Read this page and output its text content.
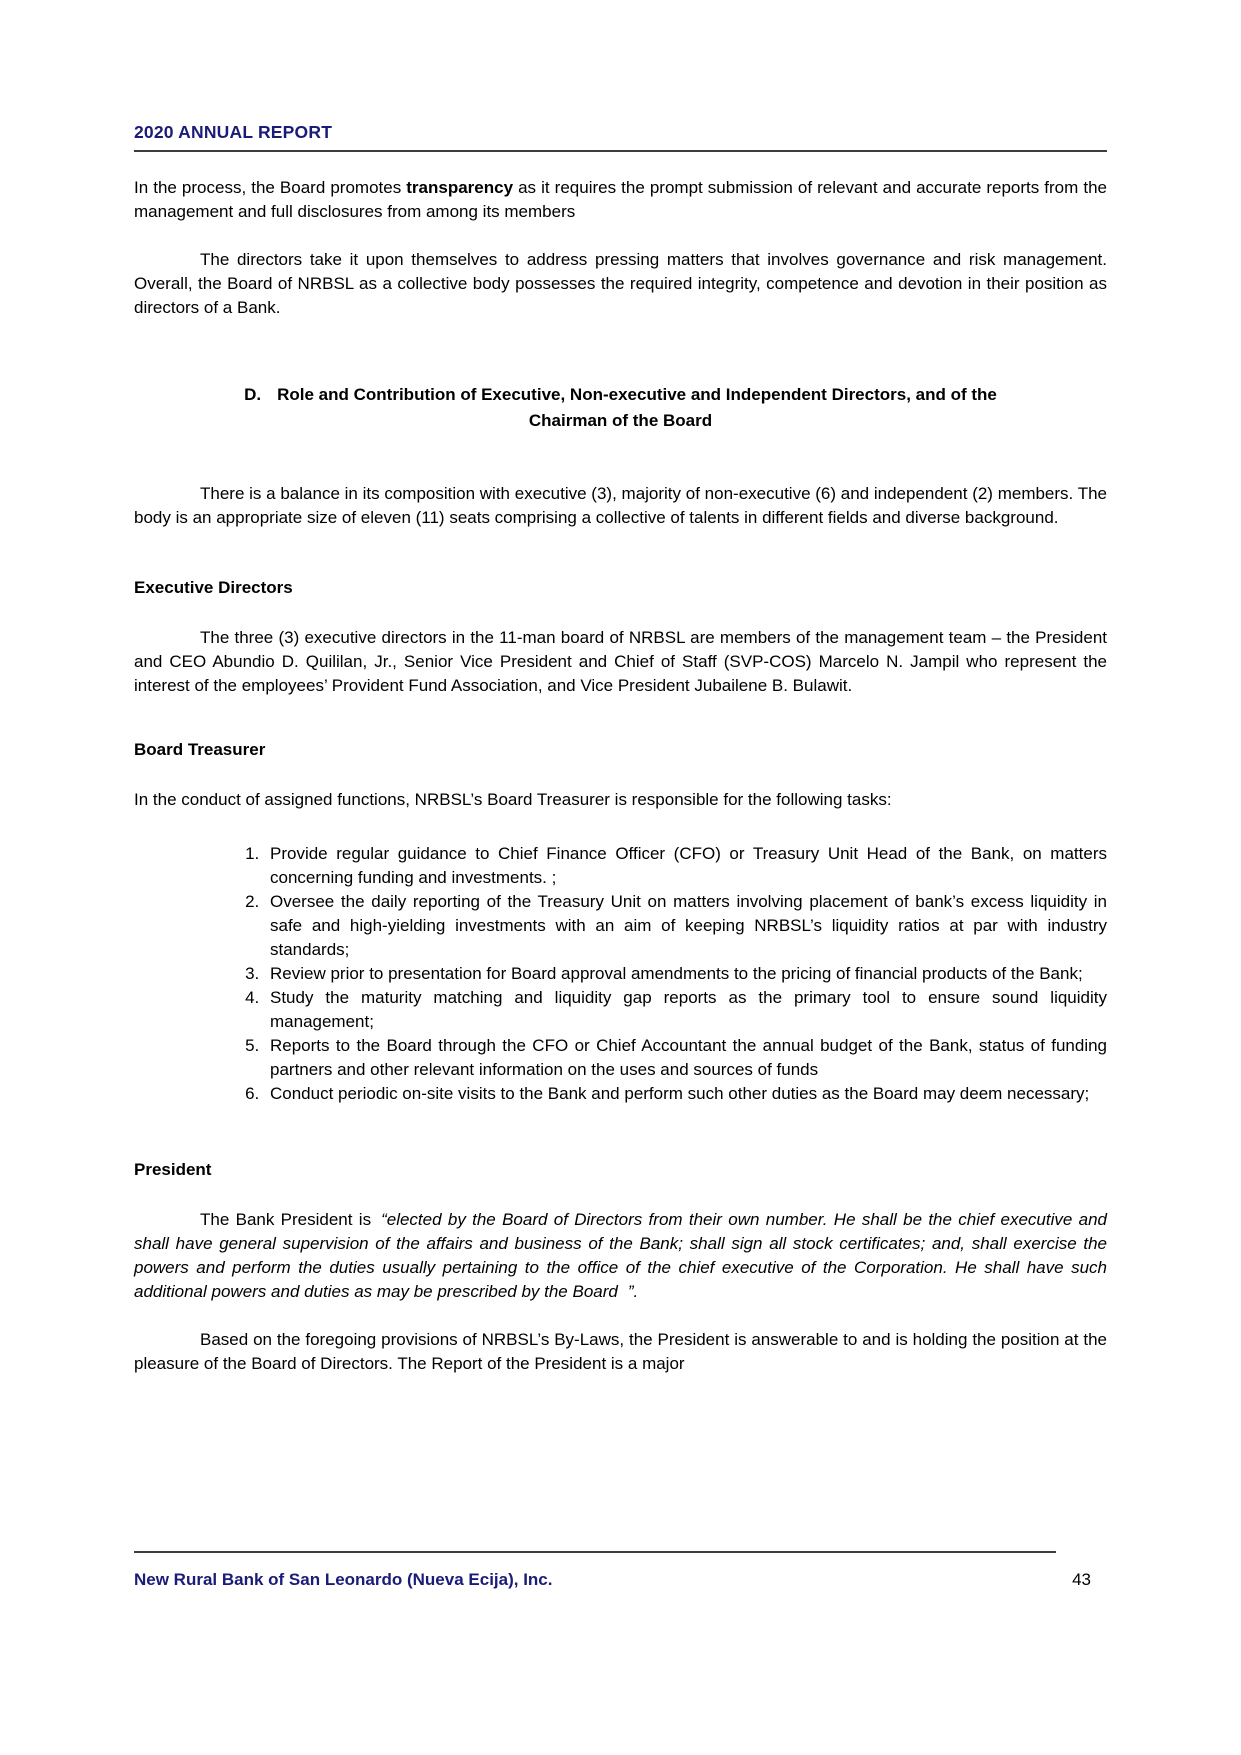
2020 ANNUAL REPORT

In the process, the Board promotes transparency as it requires the prompt submission of relevant and accurate reports from the management and full disclosures from among its members

The directors take it upon themselves to address pressing matters that involves governance and risk management. Overall, the Board of NRBSL as a collective body possesses the required integrity, competence and devotion in their position as directors of a Bank.

D. Role and Contribution of Executive, Non-executive and Independent Directors, and of the
Chairman of the Board

There is a balance in its composition with executive (3), majority of non-executive (6) and independent (2) members. The body is an appropriate size of eleven (11) seats comprising a collective of talents in different fields and diverse background.

Executive Directors

The three (3) executive directors in the 11-man board of NRBSL are members of the management team – the President and CEO Abundio D. Quililan, Jr., Senior Vice President and Chief of Staff (SVP-COS) Marcelo N. Jampil who represent the interest of the employees’ Provident Fund Association, and Vice President Jubailene B. Bulawit.

Board Treasurer

In the conduct of assigned functions, NRBSL’s Board Treasurer is responsible for the following tasks:

1. Provide regular guidance to Chief Finance Officer (CFO) or Treasury Unit Head of the Bank, on matters concerning funding and investments. ;
2. Oversee the daily reporting of the Treasury Unit on matters involving placement of bank’s excess liquidity in safe and high-yielding investments with an aim of keeping NRBSL’s liquidity ratios at par with industry standards;
3. Review prior to presentation for Board approval amendments to the pricing of financial products of the Bank;
4. Study the maturity matching and liquidity gap reports as the primary tool to ensure sound liquidity management;
5. Reports to the Board through the CFO or Chief Accountant the annual budget of the Bank, status of funding partners and other relevant information on the uses and sources of funds
6. Conduct periodic on-site visits to the Bank and perform such other duties as the Board may deem necessary;
President

The Bank President is “elected by the Board of Directors from their own number. He shall be the chief executive and shall have general supervision of the affairs and business of the Bank; shall sign all stock certificates; and, shall exercise the powers and perform the duties usually pertaining to the office of the chief executive of the Corporation. He shall have such additional powers and duties as may be prescribed by the Board ”.

Based on the foregoing provisions of NRBSL’s By-Laws, the President is answerable to and is holding the position at the pleasure of the Board of Directors. The Report of the President is a major

New Rural Bank of San Leonardo (Nueva Ecija), Inc.	43
